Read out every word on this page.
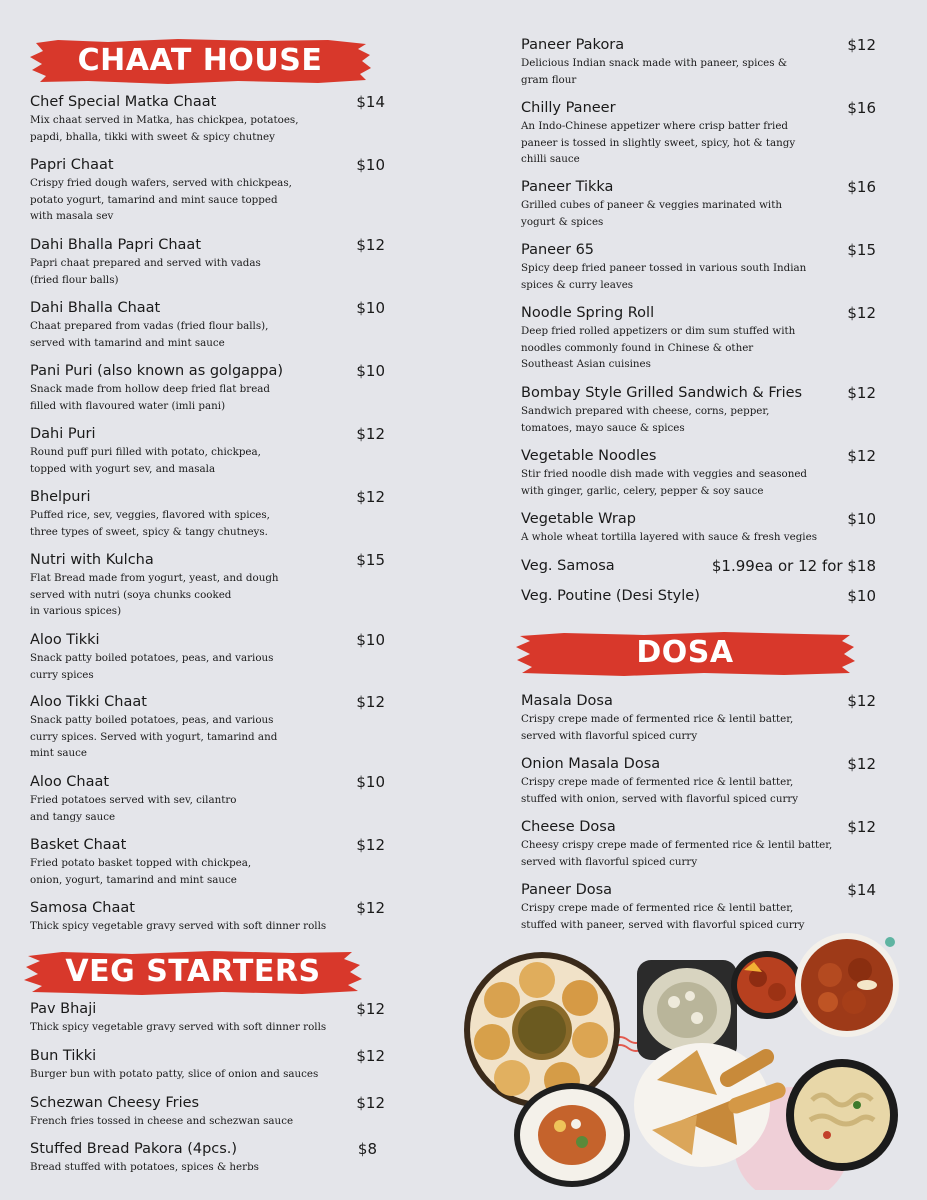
CHAAT HOUSE
Chef Special Matka Chaat	$14
Mix chaat served in Matka, has chickpea, potatoes,
papdi, bhalla, tikki with sweet & spicy chutney
Papri Chaat	$10
Crispy fried dough wafers, served with chickpeas,
potato yogurt, tamarind and mint sauce topped
with masala sev
Dahi Bhalla Papri Chaat	$12
Papri chaat prepared and served with vadas
(fried flour balls)
Dahi Bhalla Chaat	$10
Chaat prepared from vadas (fried flour balls),
served with tamarind and mint sauce
Pani Puri (also known as golgappa)	$10
Snack made from hollow deep fried flat bread
filled with flavoured water (imli pani)
Dahi Puri	$12
Round puff puri filled with potato, chickpea,
topped with yogurt sev, and masala
Bhelpuri	$12
Puffed rice, sev, veggies, flavored with spices,
three types of sweet, spicy & tangy chutneys.
Nutri with Kulcha	$15
Flat Bread made from yogurt, yeast, and dough
served with nutri (soya chunks cooked
in various spices)
Aloo Tikki	$10
Snack patty boiled potatoes, peas, and various
curry spices
Aloo Tikki Chaat	$12
Snack patty boiled potatoes, peas, and various
curry spices. Served with yogurt, tamarind and
mint sauce
Aloo Chaat	$10
Fried potatoes served with sev, cilantro
and tangy sauce
Basket Chaat	$12
Fried potato basket topped with chickpea,
onion, yogurt, tamarind and mint sauce
Samosa Chaat	$12
Thick spicy vegetable gravy served with soft dinner rolls
VEG STARTERS
Pav Bhaji	$12
Thick spicy vegetable gravy served with soft dinner rolls
Bun Tikki	$12
Burger bun with potato patty, slice of onion and sauces
Schezwan Cheesy Fries	$12
French fries tossed in cheese and schezwan sauce
Stuffed Bread Pakora (4pcs.)	$8
Bread stuffed with potatoes, spices & herbs
Paneer Pakora	$12
Delicious Indian snack made with paneer, spices &
gram flour
Chilly Paneer	$16
An Indo-Chinese appetizer where crisp batter fried
paneer is tossed in slightly sweet, spicy, hot & tangy
chilli sauce
Paneer Tikka	$16
Grilled cubes of paneer & veggies marinated with
yogurt & spices
Paneer 65	$15
Spicy deep fried paneer tossed in various south Indian
spices & curry leaves
Noodle Spring Roll	$12
Deep fried rolled appetizers or dim sum stuffed with
noodles commonly found in Chinese & other
Southeast Asian cuisines
Bombay Style Grilled Sandwich & Fries	$12
Sandwich prepared with cheese, corns, pepper,
tomatoes, mayo sauce & spices
Vegetable Noodles	$12
Stir fried noodle dish made with veggies and seasoned
with ginger, garlic, celery, pepper & soy sauce
Vegetable Wrap	$10
A whole wheat tortilla layered with sauce & fresh vegies
Veg. Samosa	$1.99ea or 12 for $18
Veg. Poutine (Desi Style)	$10
DOSA
Masala Dosa	$12
Crispy crepe made of fermented rice & lentil batter,
served with flavorful spiced curry
Onion Masala Dosa	$12
Crispy crepe made of fermented rice & lentil batter,
stuffed with onion, served with flavorful spiced curry
Cheese Dosa	$12
Cheesy crispy crepe made of fermented rice & lentil batter,
served with flavorful spiced curry
Paneer Dosa	$14
Crispy crepe made of fermented rice & lentil batter,
stuffed with paneer, served with flavorful spiced curry
